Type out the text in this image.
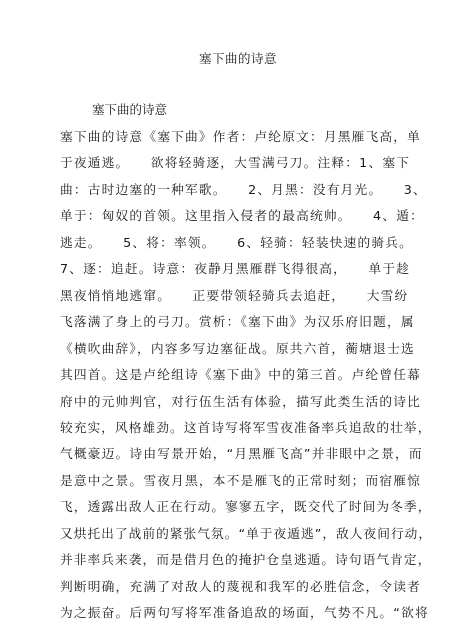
塞下曲的诗意
塞下曲的诗意
塞下曲的诗意《塞下曲》作者：卢纶原文：月黑雁飞高，单
于夜遁逃。　　欲将轻骑逐，大雪满弓刀。注释：1、塞下
曲：古时边塞的一种军歌。　　2、月黑：没有月光。　　3、
单于：匈奴的首领。这里指入侵者的最高统帅。　　4、遁：
逃走。　　5、将：率领。　　6、轻骑：轻装快速的骑兵。
7、逐：追赶。诗意：夜静月黑雁群飞得很高，　　单于趁
黑夜悄悄地逃窜。　　正要带领轻骑兵去追赶，　　大雪纷
飞落满了身上的弓刀。赏析：《塞下曲》为汉乐府旧题，属
《横吹曲辞》，内容多写边塞征战。原共六首，蘅塘退士选
其四首。这是卢纶组诗《塞下曲》中的第三首。卢纶曾任幕
府中的元帅判官，对行伍生活有体验，描写此类生活的诗比
较充实，风格雄劲。这首诗写将军雪夜准备率兵追敌的壮举，
气概豪迈。诗由写景开始，“月黑雁飞高”并非眼中之景，而
是意中之景。雪夜月黑，本不是雁飞的正常时刻；而宿雁惊
飞，透露出敌人正在行动。寥寥五字，既交代了时间为冬季，
又烘托出了战前的紧张气氛。“单于夜遁逃”，敌人夜间行动，
并非率兵来袭，而是借月色的掩护仓皇逃遁。诗句语气肯定，
判断明确，充满了对敌人的蔑视和我军的必胜信念，令读者
为之振奋。后两句写将军准备追敌的场面，气势不凡。“欲将
